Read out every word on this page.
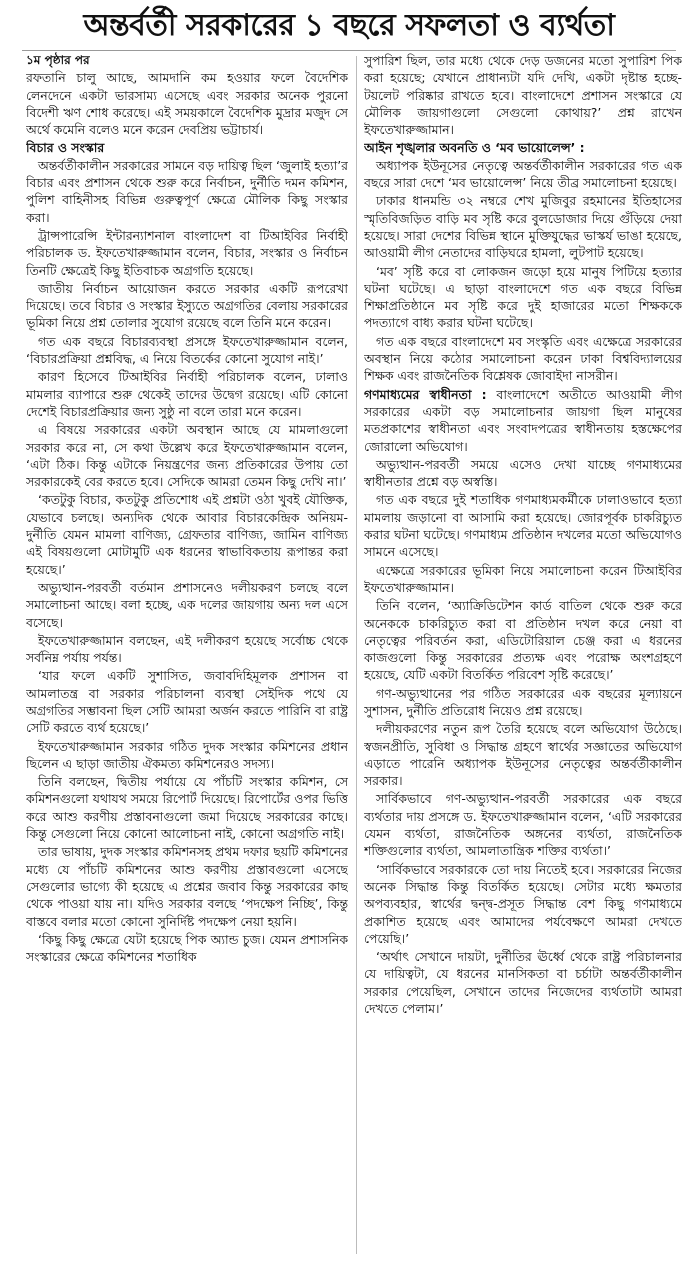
অন্তর্বর্তী সরকারের ১ বছরে সফলতা ও ব্যর্থতা
১ম পৃষ্ঠার পর

রফতানি চালু আছে, আমদানি কম হওয়ার ফলে বৈদেশিক লেনদেনে একটা ভারসাম্য এসেছে এবং সরকার অনেক পুরনো বিদেশী ঋণ শোধ করেছে। এই সময়কালে বৈদেশিক মুদ্রার মজুদ সে অর্থে কমেনি বলেও মনে করেন দেবপ্রিয় ভট্টাচার্য।

বিচার ও সংস্কার

অন্তর্বর্তীকালীন সরকারের সামনে বড় দায়িত্ব ছিল ‘জুলাই হত্যা’র বিচার এবং প্রশাসন থেকে শুরু করে নির্বাচন, দুর্নীতি দমন কমিশন, পুলিশ বাহিনীসহ বিভিন্ন গুরুত্বপূর্ণ ক্ষেত্রে মৌলিক কিছু সংস্কার করা।

ট্রান্সপারেন্সি ইন্টারন্যাশনাল বাংলাদেশ বা টিআইবির নির্বাহী পরিচালক ড. ইফতেখারুজ্জামান বলেন, বিচার, সংস্কার ও নির্বাচন তিনটি ক্ষেত্রেই কিছু ইতিবাচক অগ্রগতি হয়েছে।

জাতীয় নির্বাচন আয়োজন করতে সরকার একটি রূপরেখা দিয়েছে। তবে বিচার ও সংস্কার ইস্যুতে অগ্রগতির বেলায় সরকারের ভূমিকা নিয়ে প্রশ্ন তোলার সুযোগ রয়েছে বলে তিনি মনে করেন।

গত এক বছরে বিচারব্যবস্থা প্রসঙ্গে ইফতেখারুজ্জামান বলেন, ‘বিচারপ্রক্রিয়া প্রশ্নবিদ্ধ, এ নিয়ে বিতর্কের কোনো সুযোগ নাই।’

কারণ হিসেবে টিআইবির নির্বাহী পরিচালক বলেন, ঢালাও মামলার ব্যাপারে শুরু থেকেই তাদের উদ্বেগ রয়েছে। এটি কোনো দেশেই বিচারপ্রক্রিয়ার জন্য সুষ্ঠু না বলে তারা মনে করেন।

এ বিষয়ে সরকারের একটা অবস্থান আছে যে মামলাগুলো সরকার করে না, সে কথা উল্লেখ করে ইফতেখারুজ্জামান বলেন, ‘এটা ঠিক। কিন্তু এটাকে নিয়ন্ত্রণের জন্য প্রতিকারের উপায় তো সরকারকেই বের করতে হবে। সেদিকে আমরা তেমন কিছু দেখি না।’

‘কতটুকু বিচার, কতটুকু প্রতিশোধ এই প্রশ্নটা ওঠা খুবই যৌক্তিক, যেভাবে চলছে। অন্যদিক থেকে আবার বিচারকেন্দ্রিক অনিয়ম-দুর্নীতি যেমন মামলা বাণিজ্য, গ্রেফতার বাণিজ্য, জামিন বাণিজ্য এই বিষয়গুলো মোটামুটি এক ধরনের স্বাভাবিকতায় রূপান্তর করা হয়েছে।’

অভ্যুত্থান-পরবর্তী বর্তমান প্রশাসনেও দলীয়করণ চলছে বলে সমালোচনা আছে। বলা হচ্ছে, এক দলের জায়গায় অন্য দল এসে বসেছে।

ইফতেখারুজ্জামান বলছেন, এই দলীকরণ হয়েছে সর্বোচ্চ থেকে সর্বনিম্ন পর্যায় পর্যন্ত।

‘যার ফলে একটি সুশাসিত, জবাবদিহিমূলক প্রশাসন বা আমলাতন্ত্র বা সরকার পরিচালনা ব্যবস্থা সেইদিক পথে যে অগ্রগতির সম্ভাবনা ছিল সেটি আমরা অর্জন করতে পারিনি বা রাষ্ট্র সেটি করতে ব্যর্থ হয়েছে।’

ইফতেখারুজ্জামান সরকার গঠিত দুদক সংস্কার কমিশনের প্রধান ছিলেন এ ছাড়া জাতীয় ঐকমত্য কমিশনেরও সদস্য।

তিনি বলছেন, দ্বিতীয় পর্যায়ে যে পাঁচটি সংস্কার কমিশন, সে কমিশনগুলো যথাযথ সময়ে রিপোর্ট দিয়েছে। রিপোর্টের ওপর ভিত্তি করে আশু করণীয় প্রস্তাবনাগুলো জমা দিয়েছে সরকারের কাছে। কিন্তু সেগুলো নিয়ে কোনো আলোচনা নাই, কোনো অগ্রগতি নাই।

তার ভাষায়, দুদক সংস্কার কমিশনসহ প্রথম দফার ছয়টি কমিশনের মধ্যে যে পাঁচটি কমিশনের আশু করণীয় প্রস্তাবগুলো এসেছে সেগুলোর ভাগ্যে কী হয়েছে এ প্রশ্নের জবাব কিন্তু সরকারের কাছ থেকে পাওয়া যায় না। যদিও সরকার বলছে ‘পদক্ষেপ নিচ্ছি’, কিন্তু বাস্তবে বলার মতো কোনো সুনির্দিষ্ট পদক্ষেপ নেয়া হয়নি।

‘কিছু কিছু ক্ষেত্রে যেটা হয়েছে পিক অ্যান্ড চুজ। যেমন প্রশাসনিক সংস্কারের ক্ষেত্রে কমিশনের শতাধিক

সুপারিশ ছিল, তার মধ্যে থেকে দেড় ডজনের মতো সুপারিশ পিক করা হয়েছে; যেখানে প্রাধান্যটা যদি দেখি, একটা দৃষ্টান্ত হচ্ছে- টয়লেট পরিষ্কার রাখতে হবে। বাংলাদেশে প্রশাসন সংস্কারে যে মৌলিক জায়গাগুলো সেগুলো কোথায়?’ প্রশ্ন রাখেন ইফতেখারুজ্জামান।

আইন শৃঙ্খলার অবনতি ও ‘মব ভায়োলেন্স’ :

অধ্যাপক ইউনূসের নেতৃত্বে অন্তর্বর্তীকালীন সরকারের গত এক বছরে সারা দেশে ‘মব ভায়োলেন্স’ নিয়ে তীব্র সমালোচনা হয়েছে।

ঢাকার ধানমন্ডি ৩২ নম্বরে শেখ মুজিবুর রহমানের ইতিহাসের স্মৃতিবিজড়িত বাড়ি মব সৃষ্টি করে বুলডোজার দিয়ে গুঁড়িয়ে দেয়া হয়েছে। সারা দেশের বিভিন্ন স্থানে মুক্তিযুদ্ধের ভাস্কর্য ভাঙা হয়েছে, আওয়ামী লীগ নেতাদের বাড়িঘরে হামলা, লুটপাট হয়েছে।

‘মব’ সৃষ্টি করে বা লোকজন জড়ো হয়ে মানুষ পিটিয়ে হত্যার ঘটনা ঘটেছে। এ ছাড়া বাংলাদেশে গত এক বছরে বিভিন্ন শিক্ষাপ্রতিষ্ঠানে মব সৃষ্টি করে দুই হাজারের মতো শিক্ষককে পদত্যাগে বাধ্য করার ঘটনা ঘটেছে।

গত এক বছরে বাংলাদেশে মব সংস্কৃতি এবং এক্ষেত্রে সরকারের অবস্থান নিয়ে কঠোর সমালোচনা করেন ঢাকা বিশ্ববিদ্যালয়ের শিক্ষক এবং রাজনৈতিক বিশ্লেষক জোবাইদা নাসরীন।

গণমাধ্যমের স্বাধীনতা : বাংলাদেশে অতীতে আওয়ামী লীগ সরকারের একটা বড় সমালোচনার জায়গা ছিল মানুষের মতপ্রকাশের স্বাধীনতা এবং সংবাদপত্রের স্বাধীনতায় হস্তক্ষেপের জোরালো অভিযোগ।

অভ্যুত্থান-পরবর্তী সময়ে এসেও দেখা যাচ্ছে গণমাধ্যমের স্বাধীনতার প্রশ্নে বড় অস্বস্তি।

গত এক বছরে দুই শতাধিক গণমাধ্যমকর্মীকে ঢালাওভাবে হত্যা মামলায় জড়ানো বা আসামি করা হয়েছে। জোরপূর্বক চাকরিচ্যুত করার ঘটনা ঘটেছে। গণমাধ্যম প্রতিষ্ঠান দখলের মতো অভিযোগও সামনে এসেছে।

এক্ষেত্রে সরকারের ভূমিকা নিয়ে সমালোচনা করেন টিআইবির ইফতেখারুজ্জামান।

তিনি বলেন, ‘অ্যাক্রিডিটেশন কার্ড বাতিল থেকে শুরু করে অনেককে চাকরিচ্যুত করা বা প্রতিষ্ঠান দখল করে নেয়া বা নেতৃত্বের পরিবর্তন করা, এডিটোরিয়াল চেঞ্জ করা এ ধরনের কাজগুলো কিন্তু সরকারের প্রত্যক্ষ এবং পরোক্ষ অংশগ্রহণে হয়েছে, যেটি একটা বিতর্কিত পরিবেশ সৃষ্টি করেছে।’

গণ-অভ্যুত্থানের পর গঠিত সরকারের এক বছরের মূল্যায়নে সুশাসন, দুর্নীতি প্রতিরোধ নিয়েও প্রশ্ন রয়েছে।

দলীয়করণের নতুন রূপ তৈরি হয়েছে বলে অভিযোগ উঠেছে। স্বজনপ্রীতি, সুবিধা ও সিদ্ধান্ত গ্রহণে স্বার্থের সজ্ঞাতের অভিযোগ এড়াতে পারেনি অধ্যাপক ইউনূসের নেতৃত্বের অন্তর্বর্তীকালীন সরকার।

সার্বিকভাবে গণ-অভ্যুত্থান-পরবর্তী সরকারের এক বছরে ব্যর্থতার দায় প্রসঙ্গে ড. ইফতেখারুজ্জামান বলেন, ‘এটি সরকারের যেমন ব্যর্থতা, রাজনৈতিক অঙ্গনের ব্যর্থতা, রাজনৈতিক শক্তিগুলোর ব্যর্থতা, আমলাতান্ত্রিক শক্তির ব্যর্থতা।’

‘সার্বিকভাবে সরকারকে তো দায় নিতেই হবে। সরকারের নিজের অনেক সিদ্ধান্ত কিন্তু বিতর্কিত হয়েছে। সেটার মধ্যে ক্ষমতার অপব্যবহার, স্বার্থের দ্বন্দ্ব-প্রসূত সিদ্ধান্ত বেশ কিছু গণমাধ্যমে প্রকাশিত হয়েছে এবং আমাদের পর্যবেক্ষণে আমরা দেখতে পেয়েছি।’

‘অর্থাৎ সেখানে দায়টা, দুর্নীতির ঊর্ধ্বে থেকে রাষ্ট্র পরিচালনার যে দায়িত্বটা, যে ধরনের মানসিকতা বা চর্চাটা অন্তর্বর্তীকালীন সরকার পেয়েছিল, সেখানে তাদের নিজেদের ব্যর্থতাটা আমরা দেখতে পেলাম।’
